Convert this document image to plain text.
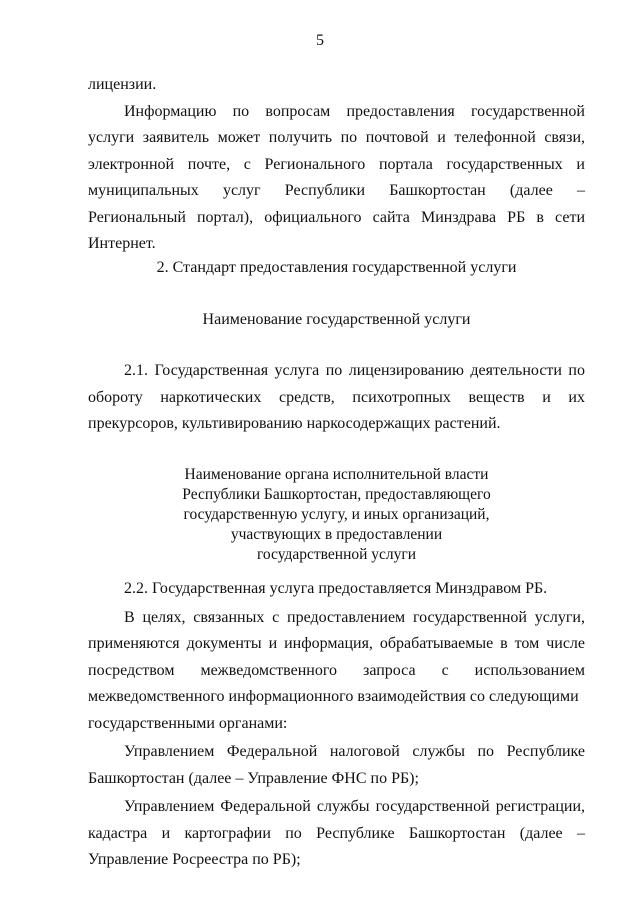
5

лицензии.

Информацию по вопросам предоставления государственной услуги заявитель может получить по почтовой и телефонной связи, электронной почте, с Регионального портала государственных и муниципальных услуг Республики Башкортостан (далее – Региональный портал), официального сайта Минздрава РБ в сети Интернет.

2. Стандарт предоставления государственной услуги

Наименование государственной услуги

2.1. Государственная услуга по лицензированию деятельности по обороту наркотических средств, психотропных веществ и их прекурсоров, культивированию наркосодержащих растений.

Наименование органа исполнительной власти
Республики Башкортостан, предоставляющего
государственную услугу, и иных организаций,
участвующих в предоставлении
государственной услуги

2.2. Государственная услуга предоставляется Минздравом РБ.

В целях, связанных с предоставлением государственной услуги, применяются документы и информация, обрабатываемые в том числе посредством межведомственного запроса с использованием межведомственного информационного взаимодействия со следующими

государственными органами:

Управлением Федеральной налоговой службы по Республике Башкортостан (далее – Управление ФНС по РБ);

Управлением Федеральной службы государственной регистрации, кадастра и картографии по Республике Башкортостан (далее – Управление Росреестра по РБ);
